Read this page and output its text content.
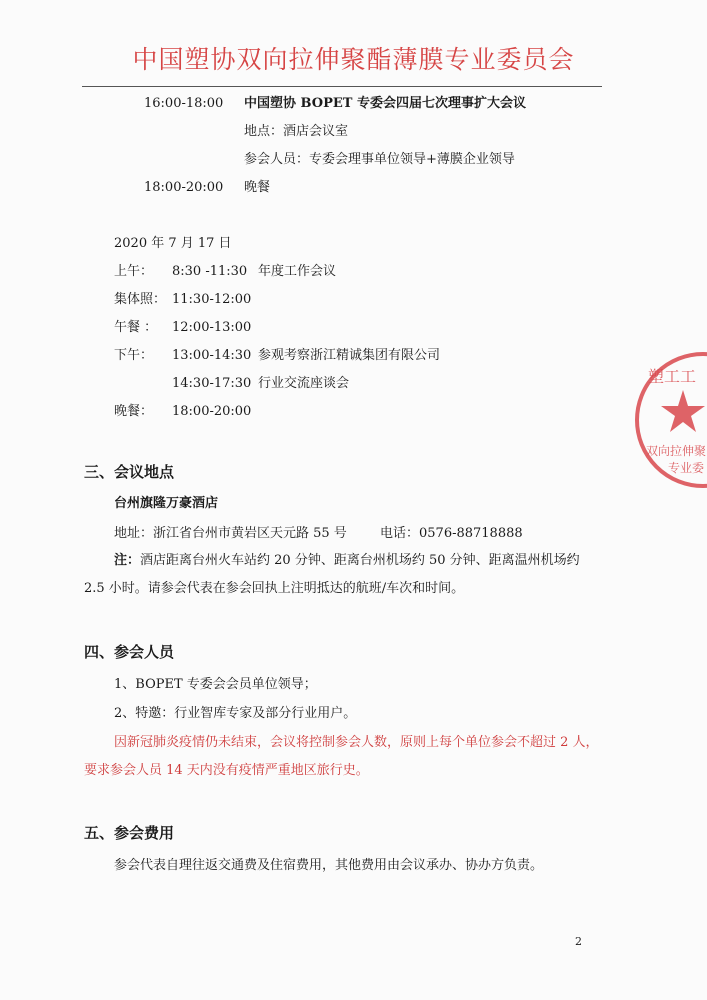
中国塑协双向拉伸聚酯薄膜专业委员会
16:00-18:00 中国塑协 BOPET 专委会四届七次理事扩大会议
地点：酒店会议室
参会人员：专委会理事单位领导+薄膜企业领导
18:00-20:00 晚餐
2020 年 7 月 17 日
上午： 8:30 -11:30 年度工作会议
集体照： 11:30-12:00
午餐 ： 12:00-13:00
下午： 13:00-14:30 参观考察浙江精诚集团有限公司
14:30-17:30 行业交流座谈会
晚餐： 18:00-20:00
三、会议地点
台州旗隆万豪酒店
地址：浙江省台州市黄岩区天元路 55 号	电话：0576-88718888
注：酒店距离台州火车站约 20 分钟、距离台州机场约 50 分钟、距离温州机场约 2.5 小时。请参会代表在参会回执上注明抵达的航班/车次和时间。
四、参会人员
1、BOPET 专委会会员单位领导；
2、特邀：行业智库专家及部分行业用户。
因新冠肺炎疫情仍未结束，会议将控制参会人数，原则上每个单位参会不超过 2 人，要求参会人员 14 天内没有疫情严重地区旅行史。
五、参会费用
参会代表自理往返交通费及住宿费用，其他费用由会议承办、协办方负责。
塑工工
双向拉伸聚
专业委
2
